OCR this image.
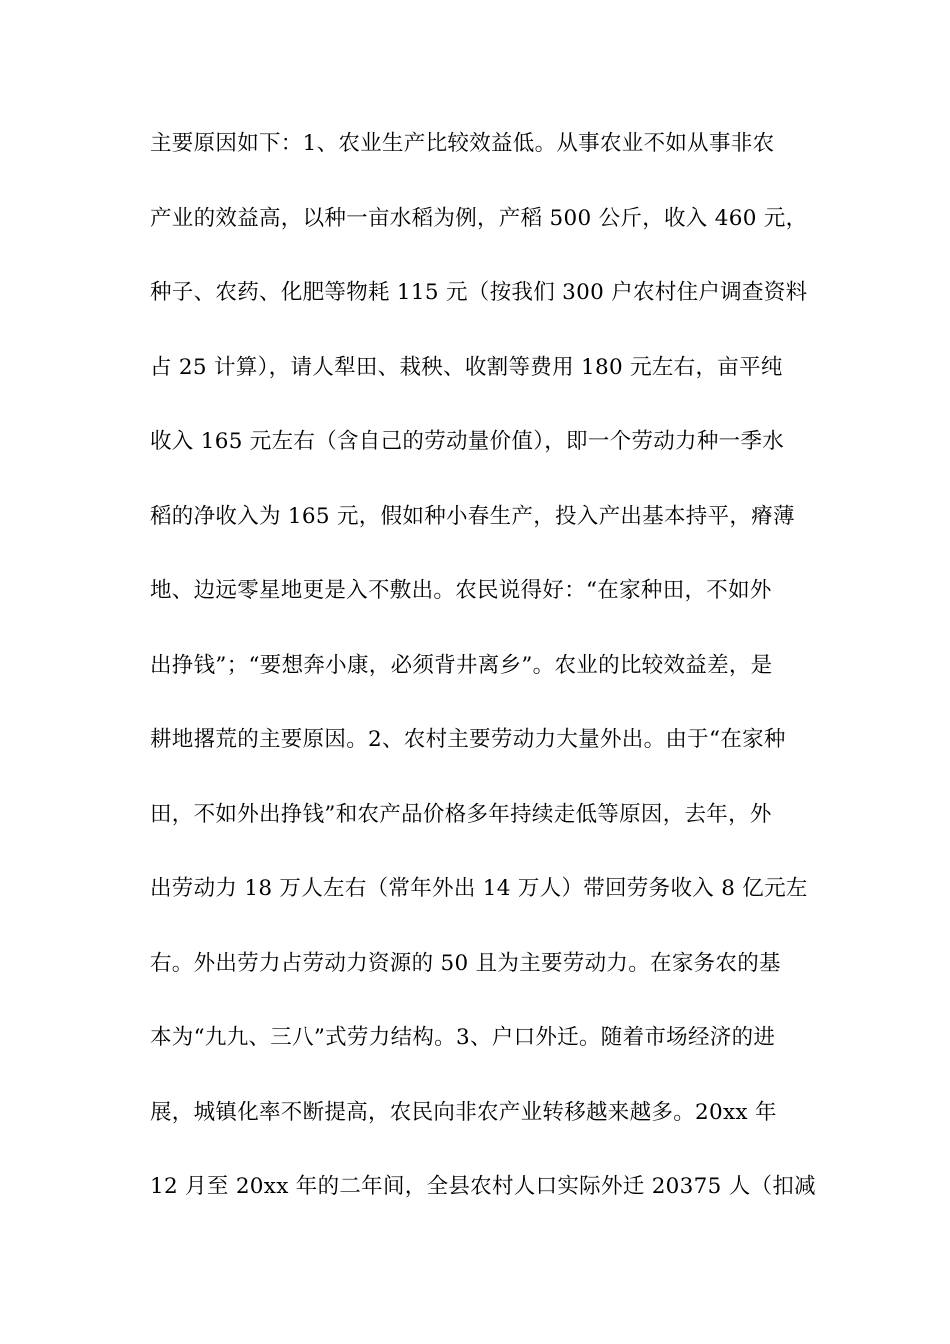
主要原因如下：1、农业生产比较效益低。从事农业不如从事非农
产业的效益高，以种一亩水稻为例，产稻 500 公斤，收入 460 元，
种子、农药、化肥等物耗 115 元（按我们 300 户农村住户调查资料
占 25 计算），请人犁田、栽秧、收割等费用 180 元左右，亩平纯
收入 165 元左右（含自己的劳动量价值），即一个劳动力种一季水
稻的净收入为 165 元，假如种小春生产，投入产出基本持平，瘠薄
地、边远零星地更是入不敷出。农民说得好：“在家种田，不如外
出挣钱”；“要想奔小康，必须背井离乡”。农业的比较效益差，是
耕地撂荒的主要原因。2、农村主要劳动力大量外出。由于“在家种
田，不如外出挣钱”和农产品价格多年持续走低等原因，去年，外
出劳动力 18 万人左右（常年外出 14 万人）带回劳务收入 8 亿元左
右。外出劳力占劳动力资源的 50 且为主要劳动力。在家务农的基
本为“九九、三八”式劳力结构。3、户口外迁。随着市场经济的进
展，城镇化率不断提高，农民向非农产业转移越来越多。20xx 年
12 月至 20xx 年的二年间，全县农村人口实际外迁 20375 人（扣减
